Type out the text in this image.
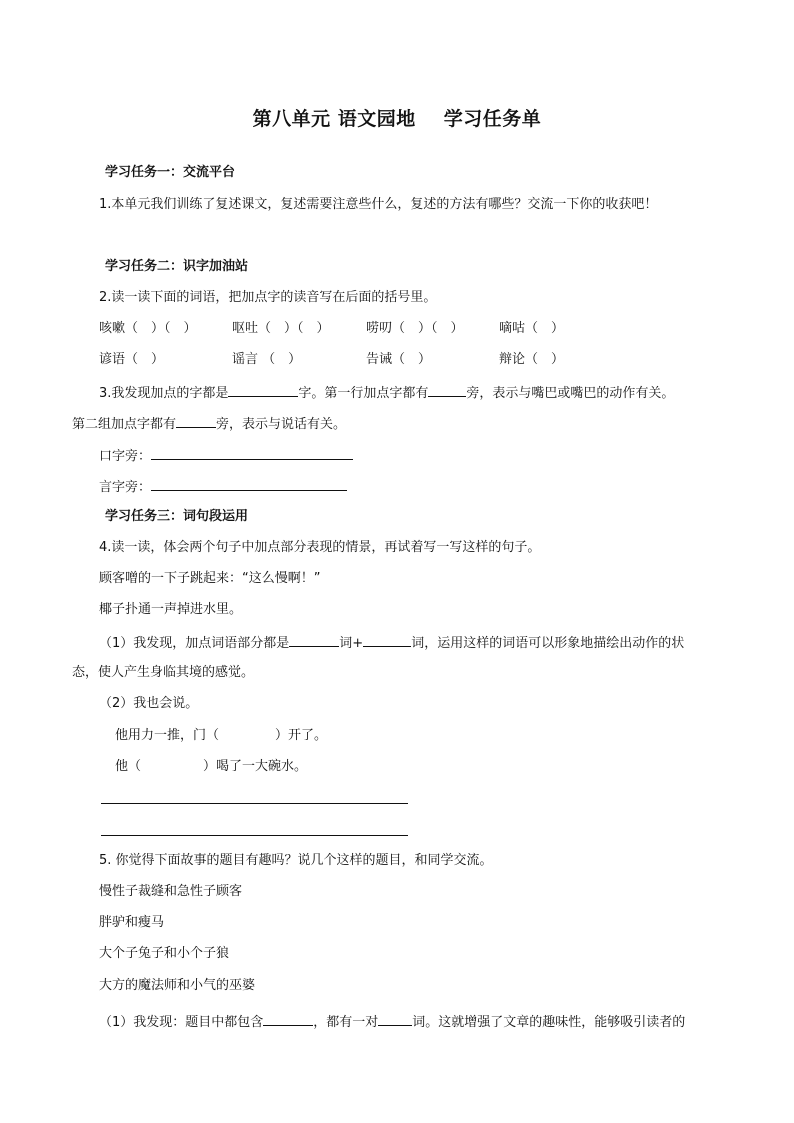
第八单元 语文园地 学习任务单
学习任务一：交流平台
1.本单元我们训练了复述课文，复述需要注意些什么，复述的方法有哪些？交流一下你的收获吧！
学习任务二：识字加油站
2.读一读下面的词语，把加点字的读音写在后面的括号里。
咳嗽（　）（　）	呕吐（　）（　）	唠叨（　）（　）	嘀咕（　）
谚语（　）	谣言 （　）	告诫（　）	辩论（　）
3.我发现加点的字都是	字。第一行加点字都有	旁，表示与嘴巴或嘴巴的动作有关。
第二组加点字都有	旁，表示与说话有关。
口字旁：
言字旁：
学习任务三：词句段运用
4.读一读，体会两个句子中加点部分表现的情景，再试着写一写这样的句子。
顾客噌的一下子跳起来：“这么慢啊！”
椰子扑通一声掉进水里。
（1）我发现，加点词语部分都是	词+	词，运用这样的词语可以形象地描绘出动作的状
态，使人产生身临其境的感觉。
（2）我也会说。
他用力一推，门（	）开了。
他（	）喝了一大碗水。
5. 你觉得下面故事的题目有趣吗？说几个这样的题目，和同学交流。
慢性子裁缝和急性子顾客
胖驴和瘦马
大个子兔子和小个子狼
大方的魔法师和小气的巫婆
（1）我发现：题目中都包含	，都有一对	词。这就增强了文章的趣味性，能够吸引读者的
